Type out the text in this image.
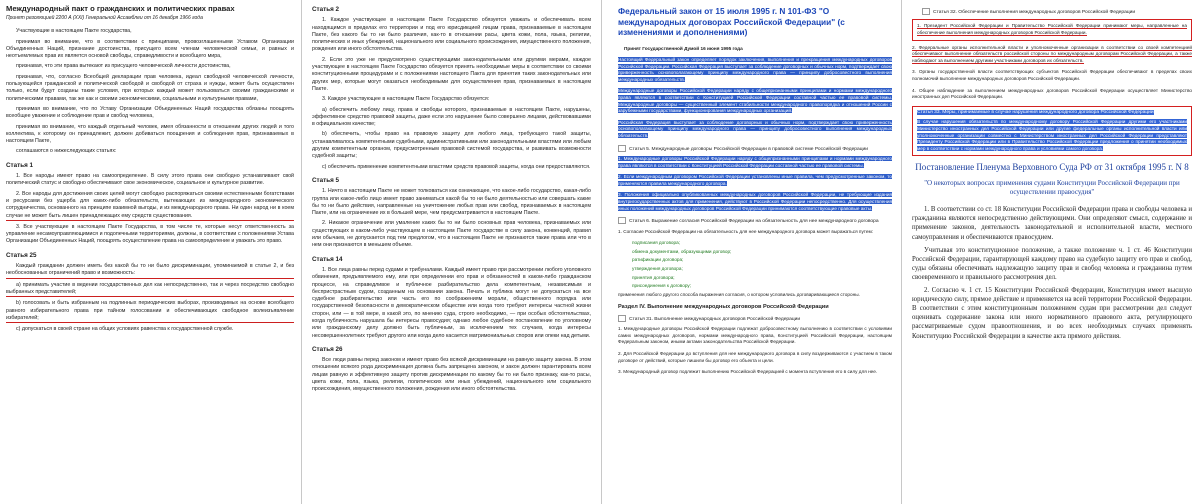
Международный пакт о гражданских и политических правах
Принят резолюцией 2200 A (XXI) Генеральной Ассамблеи от 16 декабря 1966 года

Участвующие в настоящем Пакте государства,

принимая во внимание, что в соответствии с принципами, провозглашенными Уставом Организации Объединенных Наций, признание достоинства, присущего всем членам человеческой семьи, и равных и неотъемлемых прав их является основой свободы, справедливости и всеобщего мира,

признавая, что эти права вытекают из присущего человеческой личности достоинства,

признавая, что, согласно Всеобщей декларации прав человека, идеал свободной человеческой личности, пользующейся гражданской и политической свободой и свободой от страха и нужды, может быть осуществлен только, если будут созданы такие условия, при которых каждый может пользоваться своими гражданскими и политическими правами, так же как и своими экономическими, социальными и культурными правами,

принимая во внимание, что по Уставу Организации Объединенных Наций государства обязаны поощрять всеобщее уважение и соблюдение прав и свобод человека,

принимая во внимание, что каждый отдельный человек, имея обязанности в отношении других людей и того коллектива, к которому он принадлежит, должен добиваться поощрения и соблюдения прав, признаваемых в настоящем Пакте,

соглашаются о нижеследующих статьях:

Статья 1

1. Все народы имеют право на самоопределение. В силу этого права они свободно устанавливают свой политический статус и свободно обеспечивают свое экономическое, социальное и культурное развитие.

2. Все народы для достижения своих целей могут свободно распоряжаться своими естественными богатствами и ресурсами без ущерба для каких-либо обязательств, вытекающих из международного экономического сотрудничества, основанного на принципе взаимной выгоды, и из международного права. Ни один народ ни в коем случае не может быть лишен принадлежащих ему средств существования.

3. Все участвующие в настоящем Пакте Государства, в том числе те, которые несут ответственность за управление несамоуправляющимися и подопечными территориями, должны, в соответствии с положениями Устава Организации Объединенных Наций, поощрять осуществление права на самоопределение и уважать это право.

Статья 25

Каждый гражданин должен иметь без какой бы то ни было дискриминации, упоминаемой в статье 2, и без необоснованных ограничений право и возможность:

a) принимать участие в ведении государственных дел как непосредственно, так и через посредство свободно выбранных представителей;

b) голосовать и быть избранным на подлинных периодических выборах, производимых на основе всеобщего равного избирательного права при тайном голосовании и обеспечивающих свободное волеизъявление избирателей;

c) допускаться в своей стране на общих условиях равенства к государственной службе.

Статья 2

1. Каждое участвующее в настоящем Пакте Государство обязуется уважать и обеспечивать всем находящимся в пределах его территории и под его юрисдикцией лицам права, признаваемые в настоящем Пакте, без какого бы то ни было различия, как-то в отношении расы, цвета кожи, пола, языка, религии, политических и иных убеждений, национального или социального происхождения, имущественного положения, рождения или иного обстоятельства.

2. Если это уже не предусмотрено существующими законодательными или другими мерами, каждое участвующее в настоящем Пакте Государство обязуется принять необходимые меры в соответствии со своими конституционными процедурами и с положениями настоящего Пакта для принятия таких законодательных или других мер, которые могут оказаться необходимыми для осуществления прав, признаваемых в настоящем Пакте.

3. Каждое участвующее в настоящем Пакте Государство обязуется:

a) обеспечить любому лицу, права и свободы которого, признаваемые в настоящем Пакте, нарушены, эффективное средство правовой защиты, даже если это нарушение было совершено лицами, действовавшими в официальном качестве;

b) обеспечить, чтобы право на правовую защиту для любого лица, требующего такой защиты, устанавливалось компетентными судебными, административными или законодательными властями или любым другим компетентным органом, предусмотренным правовой системой государства, и развивать возможности судебной защиты;

c) обеспечить применение компетентными властями средств правовой защиты, когда они предоставляются.

Статья 5

1. Ничто в настоящем Пакте не может толковаться как означающее, что какое-либо государство, какая-либо группа или какое-либо лицо имеет право заниматься какой бы то ни было деятельностью или совершать какие бы то ни было действия, направленные на уничтожение любых прав или свобод, признаваемых в настоящем Пакте, или на ограничение их в большей мере, чем предусматривается в настоящем Пакте.

2. Никакое ограничение или умаление каких бы то ни было основных прав человека, признаваемых или существующих в каком-либо участвующем в настоящем Пакте государстве в силу закона, конвенций, правил или обычаев, не допускается под тем предлогом, что в настоящем Пакте не признаются такие права или что в нем они признаются в меньшем объеме.

Статья 14

1. Все лица равны перед судами и трибуналами. Каждый имеет право при рассмотрении любого уголовного обвинения, предъявляемого ему, или при определении его прав и обязанностей в каком-либо гражданском процессе, на справедливое и публичное разбирательство дела компетентным, независимым и беспристрастным судом, созданным на основании закона. Печать и публика могут не допускаться на все судебное разбирательство или часть его по соображениям морали, общественного порядка или государственной безопасности в демократическом обществе или когда того требуют интересы частной жизни сторон, или — в той мере, в какой это, по мнению суда, строго необходимо, — при особых обстоятельствах, когда публичность нарушала бы интересы правосудия; однако любое судебное постановление по уголовному или гражданскому делу должно быть публичным, за исключением тех случаев, когда интересы несовершеннолетних требуют другого или когда дело касается матримониальных споров или опеки над детьми.

Статья 26

Все люди равны перед законом и имеют право без всякой дискриминации на равную защиту закона. В этом отношении всякого рода дискриминация должна быть запрещена законом, и закон должен гарантировать всем лицам равную и эффективную защиту против дискриминации по какому бы то ни было признаку, как-то расы, цвета кожи, пола, языка, религии, политических или иных убеждений, национального или социального происхождения, имущественного положения, рождения или иного обстоятельства.

Федеральный закон от 15 июля 1995 г. N 101-ФЗ "О международных договорах Российской Федерации" (с изменениями и дополнениями)
Принят Государственной Думой 16 июня 1995 года
Настоящий Федеральный закон определяет порядок заключения, выполнения и прекращения международных договоров Российской Федерации. Российская Федерация выступает за соблюдение договорных и обычных норм, подтверждает свою приверженность основополагающему принципу международного права — принципу добросовестного выполнения международных обязательств.
Международные договоры Российской Федерации наряду с общепризнанными принципами и нормами международного права являются в соответствии с Конституцией Российской Федерации составной частью ее правовой системы. Международные договоры — существенный элемент стабильности международного правопорядка и отношений России с зарубежными государствами, функционирования международных организаций.
Российская Федерация выступает за соблюдение договорных и обычных норм, подтверждает свою приверженность основополагающему принципу международного права — принципу добросовестного выполнения международных обязательств.
Статья 5. Международные договоры Российской Федерации в правовой системе Российской Федерации
1. Международные договоры Российской Федерации наряду с общепризнанными принципами и нормами международного права являются в соответствии с Конституцией Российской Федерации составной частью ее правовой системы.
2. Если международным договором Российской Федерации установлены иные правила, чем предусмотренные законом, то применяются правила международного договора.
3. Положения официально опубликованных международных договоров Российской Федерации, не требующие издания внутригосударственных актов для применения, действуют в Российской Федерации непосредственно. Для осуществления иных положений международных договоров Российской Федерации принимаются соответствующие правовые акты.
Статья 6. Выражение согласия Российской Федерации на обязательность для нее международного договора
1. Согласие Российской Федерации на обязательность для нее международного договора может выражаться путем:
подписания договора;
обмена документами, образующими договор;
ратификации договора;
утверждения договора;
принятия договора;
присоединения к договору;
применения любого другого способа выражения согласия, о котором условились договаривающиеся стороны.
Раздел IV. Выполнение международных договоров Российской Федерации
Статья 31. Выполнение международных договоров Российской Федерации
1. Международные договоры Российской Федерации подлежат добросовестному выполнению в соответствии с условиями самих международных договоров, нормами международного права, Конституцией Российской Федерации, настоящим Федеральным законом, иными актами законодательства Российской Федерации.
2. Для Российской Федерации до вступления для нее международного договора в силу воздерживаются с участием в таком договоре от действий, которые лишили бы договор его объекта и цели.
3. Международный договор подлежит выполнению Российской Федерацией с момента вступления его в силу для нее.
Статья 32. Обеспечение выполнения международных договоров Российской Федерации
1. Президент Российской Федерации и Правительство Российской Федерации принимают меры, направленные на обеспечение выполнения международных договоров Российской Федерации.
2. Федеральные органы исполнительной власти и уполномоченные организации в соответствии со своей компетенцией обеспечивают выполнение обязательств российской стороны по международным договорам Российской Федерации, а также наблюдают за выполнением другими участниками договоров их обязательств.
3. Органы государственной власти соответствующих субъектов Российской Федерации обеспечивают в пределах своих полномочий выполнение международных договоров Российской Федерации.
4. Общее наблюдение за выполнением международных договоров Российской Федерации осуществляет Министерство иностранных дел Российской Федерации.
Статья 33. Меры, принимаемые в случае нарушения международного договора Российской Федерации
В случае нарушения обязательств по международному договору Российской Федерации другими его участниками Министерство иностранных дел Российской Федерации или другие федеральные органы исполнительной власти или уполномоченные организации совместно с Министерством иностранных дел Российской Федерации представляют Президенту Российской Федерации или в Правительство Российской Федерации предложения о принятии необходимых мер в соответствии с нормами международного права и условиями самого договора.
Постановление Пленума Верховного Суда РФ от 31 октября 1995 г. N 8
"О некоторых вопросах применения судами Конституции Российской Федерации при осуществлении правосудия"

1. В соответствии со ст. 18 Конституции Российской Федерации права и свободы человека и гражданина являются непосредственно действующими. Они определяют смысл, содержание и применение законов, деятельность законодательной и исполнительной власти, местного самоуправления и обеспечиваются правосудием.

Учитывая это конституционное положение, а также положение ч. 1 ст. 46 Конституции Российской Федерации, гарантирующей каждому право на судебную защиту его прав и свобод, суды обязаны обеспечивать надлежащую защиту прав и свобод человека и гражданина путем своевременного и правильного рассмотрения дел.

2. Согласно ч. 1 ст. 15 Конституции Российской Федерации, Конституция имеет высшую юридическую силу, прямое действие и применяется на всей территории Российской Федерации. В соответствии с этим конституционным положением судам при рассмотрении дел следует оценивать содержание закона или иного нормативного правового акта, регулирующего рассматриваемые судом правоотношения, и во всех необходимых случаях применять Конституцию Российской Федерации в качестве акта прямого действия.
